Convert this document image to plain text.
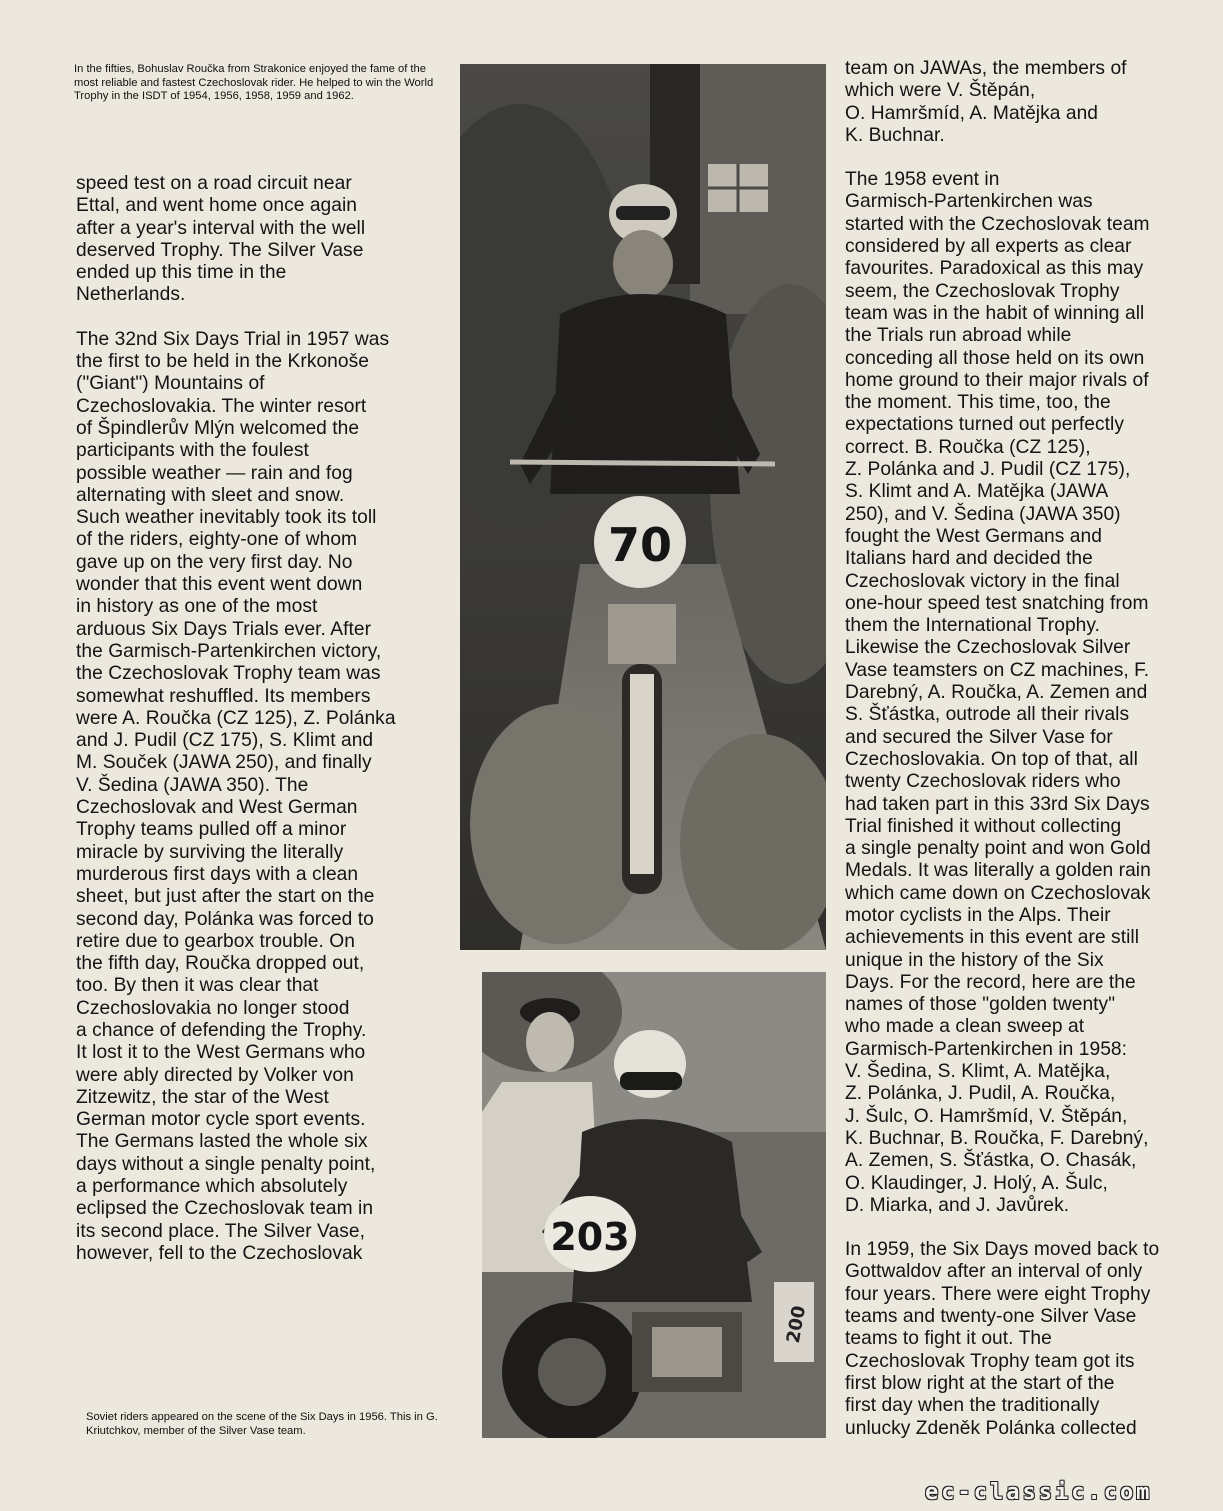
In the fifties, Bohuslav Roučka from Strakonice enjoyed the fame of the most reliable and fastest Czechoslovak rider. He helped to win the World Trophy in the ISDT of 1954, 1956, 1958, 1959 and 1962.

speed test on a road circuit near
Ettal, and went home once again
after a year's interval with the well
deserved Trophy. The Silver Vase
ended up this time in the
Netherlands.

The 32nd Six Days Trial in 1957 was
the first to be held in the Krkonoše
("Giant") Mountains of
Czechoslovakia. The winter resort
of Špindlerův Mlýn welcomed the
participants with the foulest
possible weather — rain and fog
alternating with sleet and snow.
Such weather inevitably took its toll
of the riders, eighty-one of whom
gave up on the very first day. No
wonder that this event went down
in history as one of the most
arduous Six Days Trials ever. After
the Garmisch-Partenkirchen victory,
the Czechoslovak Trophy team was
somewhat reshuffled. Its members
were A. Roučka (CZ 125), Z. Polánka
and J. Pudil (CZ 175), S. Klimt and
M. Souček (JAWA 250), and finally
V. Šedina (JAWA 350). The
Czechoslovak and West German
Trophy teams pulled off a minor
miracle by surviving the literally
murderous first days with a clean
sheet, but just after the start on the
second day, Polánka was forced to
retire due to gearbox trouble. On
the fifth day, Roučka dropped out,
too. By then it was clear that
Czechoslovakia no longer stood
a chance of defending the Trophy.
It lost it to the West Germans who
were ably directed by Volker von
Zitzewitz, the star of the West
German motor cycle sport events.
The Germans lasted the whole six
days without a single penalty point,
a performance which absolutely
eclipsed the Czechoslovak team in
its second place. The Silver Vase,
however, fell to the Czechoslovak

70
203
200

team on JAWAs, the members of
which were V. Štěpán,
O. Hamršmíd, A. Matějka and
K. Buchnar.

The 1958 event in
Garmisch-Partenkirchen was
started with the Czechoslovak team
considered by all experts as clear
favourites. Paradoxical as this may
seem, the Czechoslovak Trophy
team was in the habit of winning all
the Trials run abroad while
conceding all those held on its own
home ground to their major rivals of
the moment. This time, too, the
expectations turned out perfectly
correct. B. Roučka (CZ 125),
Z. Polánka and J. Pudil (CZ 175),
S. Klimt and A. Matějka (JAWA
250), and V. Šedina (JAWA 350)
fought the West Germans and
Italians hard and decided the
Czechoslovak victory in the final
one-hour speed test snatching from
them the International Trophy.
Likewise the Czechoslovak Silver
Vase teamsters on CZ machines, F.
Darebný, A. Roučka, A. Zemen and
S. Šťástka, outrode all their rivals
and secured the Silver Vase for
Czechoslovakia. On top of that, all
twenty Czechoslovak riders who
had taken part in this 33rd Six Days
Trial finished it without collecting
a single penalty point and won Gold
Medals. It was literally a golden rain
which came down on Czechoslovak
motor cyclists in the Alps. Their
achievements in this event are still
unique in the history of the Six
Days. For the record, here are the
names of those "golden twenty"
who made a clean sweep at
Garmisch-Partenkirchen in 1958:
V. Šedina, S. Klimt, A. Matějka,
Z. Polánka, J. Pudil, A. Roučka,
J. Šulc, O. Hamršmíd, V. Štěpán,
K. Buchnar, B. Roučka, F. Darebný,
A. Zemen, S. Šťástka, O. Chasák,
O. Klaudinger, J. Holý, A. Šulc,
D. Miarka, and J. Javůrek.

In 1959, the Six Days moved back to
Gottwaldov after an interval of only
four years. There were eight Trophy
teams and twenty-one Silver Vase
teams to fight it out. The
Czechoslovak Trophy team got its
first blow right at the start of the
first day when the traditionally
unlucky Zdeněk Polánka collected

Soviet riders appeared on the scene of the Six Days in 1956. This in G. Kriutchkov, member of the Silver Vase team.
ec-classic.com
